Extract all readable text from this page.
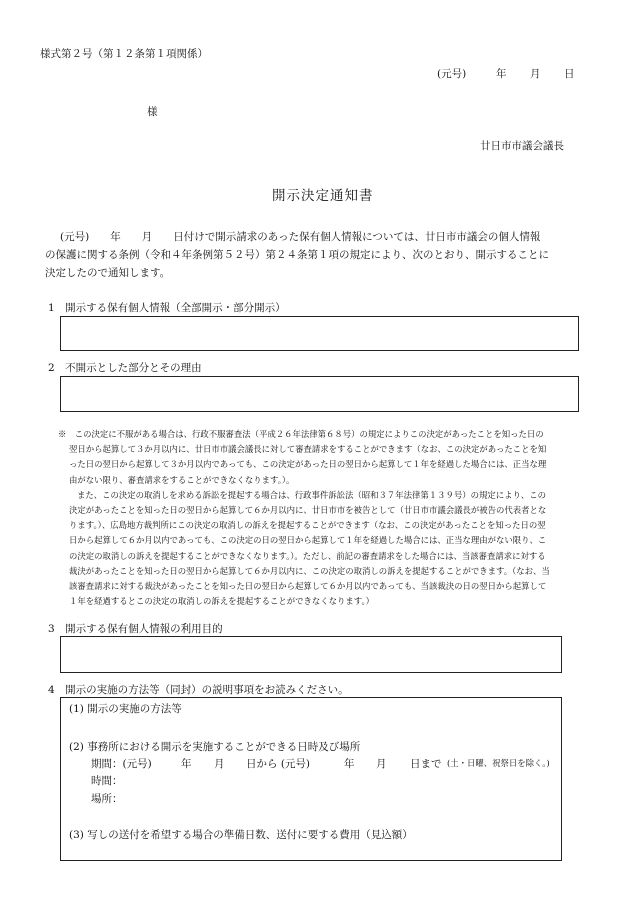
様式第２号（第１２条第１項関係）
(元号)	年 月 日
様
廿日市市議会議長
開示決定通知書
(元号)　　年　　月　　日付けで開示請求のあった保有個人情報については、廿日市市議会の個人情報
の保護に関する条例（令和４年条例第５２号）第２４条第１項の規定により、次のとおり、開示することに
決定したので通知します。
1　開示する保有個人情報（全部開示・部分開示）
2　不開示とした部分とその理由

※　この決定に不服がある場合は、行政不服審査法（平成２６年法律第６８号）の規定によりこの決定があったことを知った日の

翌日から起算して３か月以内に、廿日市市議会議長に対して審査請求をすることができます（なお、この決定があったことを知

った日の翌日から起算して３か月以内であっても、この決定があった日の翌日から起算して１年を経過した場合には、正当な理

由がない限り、審査請求をすることができなくなります。）。

また、この決定の取消しを求める訴訟を提起する場合は、行政事件訴訟法（昭和３７年法律第１３９号）の規定により、この

決定があったことを知った日の翌日から起算して６か月以内に、廿日市市を被告として（廿日市市議会議長が被告の代表者とな

ります。）、広島地方裁判所にこの決定の取消しの訴えを提起することができます（なお、この決定があったことを知った日の翌

日から起算して６か月以内であっても、この決定の日の翌日から起算して１年を経過した場合には、正当な理由がない限り、こ

の決定の取消しの訴えを提起することができなくなります。）。ただし、前記の審査請求をした場合には、当該審査請求に対する

裁決があったことを知った日の翌日から起算して６か月以内に、この決定の取消しの訴えを提起することができます。（なお、当

該審査請求に対する裁決があったことを知った日の翌日から起算して６か月以内であっても、当該裁決の日の翌日から起算して

１年を経過するとこの決定の取消しの訴えを提起することができなくなります。）

3　開示する保有個人情報の利用目的
4　開示の実施の方法等（同封）の説明事項をお読みください。
(1) 開示の実施の方法等
(2) 事務所における開示を実施することができる日時及び場所
期間：(元号)	年 月 日から (元号)	年 月 日まで (土・日曜、祝祭日を除く。)
時間：
場所：
(3) 写しの送付を希望する場合の準備日数、送付に要する費用（見込額）
